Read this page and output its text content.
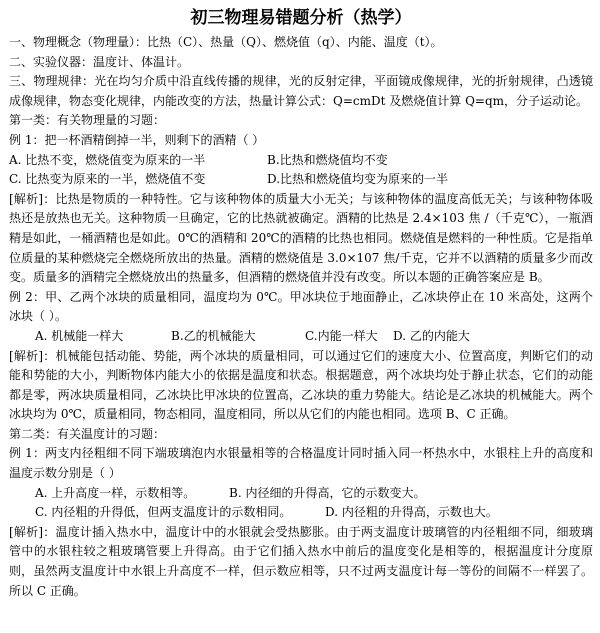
初三物理易错题分析（热学）

一、物理概念（物理量）：比热（C）、热量（Q）、燃烧值（q）、内能、温度（t）。

二、实验仪器：温度计、体温计。

三、物理规律：光在均匀介质中沿直线传播的规律，光的反射定律，平面镜成像规律，光的折射规律，凸透镜成像规律，物态变化规律，内能改变的方法，热量计算公式：Q=cmDt 及燃烧值计算 Q=qm，分子运动论。

第一类：有关物理量的习题：

例 1：把一杯酒精倒掉一半，则剩下的酒精（ ）

A. 比热不变，燃烧值变为原来的一半	B.比热和燃烧值均不变
C. 比热变为原来的一半，燃烧值不变	D.比热和燃烧值均变为原来的一半

[解析]：比热是物质的一种特性。它与该种物体的质量大小无关；与该种物体的温度高低无关；与该种物体吸热还是放热也无关。这种物质一旦确定，它的比热就被确定。酒精的比热是 2.4×103 焦 /（千克℃），一瓶酒精是如此，一桶酒精也是如此。0℃的酒精和 20℃的酒精的比热也相同。燃烧值是燃料的一种性质。它是指单位质量的某种燃烧完全燃烧所放出的热量。酒精的燃烧值是 3.0×107 焦/千克，它并不以酒精的质量多少而改变。质量多的酒精完全燃烧放出的热量多，但酒精的燃烧值并没有改变。所以本题的正确答案应是 B。

例 2：甲、乙两个冰块的质量相同，温度均为 0℃。甲冰块位于地面静止，乙冰块停止在 10 米高处，这两个冰块（ ）。

A. 机械能一样大	B.乙的机械能大	C.内能一样大	D. 乙的内能大

[解析]：机械能包括动能、势能，两个冰块的质量相同，可以通过它们的速度大小、位置高度，判断它们的动能和势能的大小，判断物体内能大小的依据是温度和状态。根据题意，两个冰块均处于静止状态，它们的动能都是零，两冰块质量相同，乙冰块比甲冰块的位置高，乙冰块的重力势能大。结论是乙冰块的机械能大。两个冰块均为 0℃，质量相同，物态相同，温度相同，所以从它们的内能也相同。选项 B、C 正确。

第二类：有关温度计的习题：

例 1：两支内径粗细不同下端玻璃泡内水银量相等的合格温度计同时插入同一杯热水中，水银柱上升的高度和温度示数分别是（ ）

A. 上升高度一样，示数相等。	B. 内径细的升得高，它的示数变大。
C. 内径粗的升得低，但两支温度计的示数相同。	D. 内径粗的升得高，示数也大。

[解析]：温度计插入热水中，温度计中的水银就会受热膨胀。由于两支温度计玻璃管的内径粗细不同，细玻璃管中的水银柱较之粗玻璃管要上升得高。由于它们插入热水中前后的温度变化是相等的，根据温度计分度原则，虽然两支温度计中水银上升高度不一样，但示数应相等，只不过两支温度计每一等份的间隔不一样罢了。所以 C 正确。
